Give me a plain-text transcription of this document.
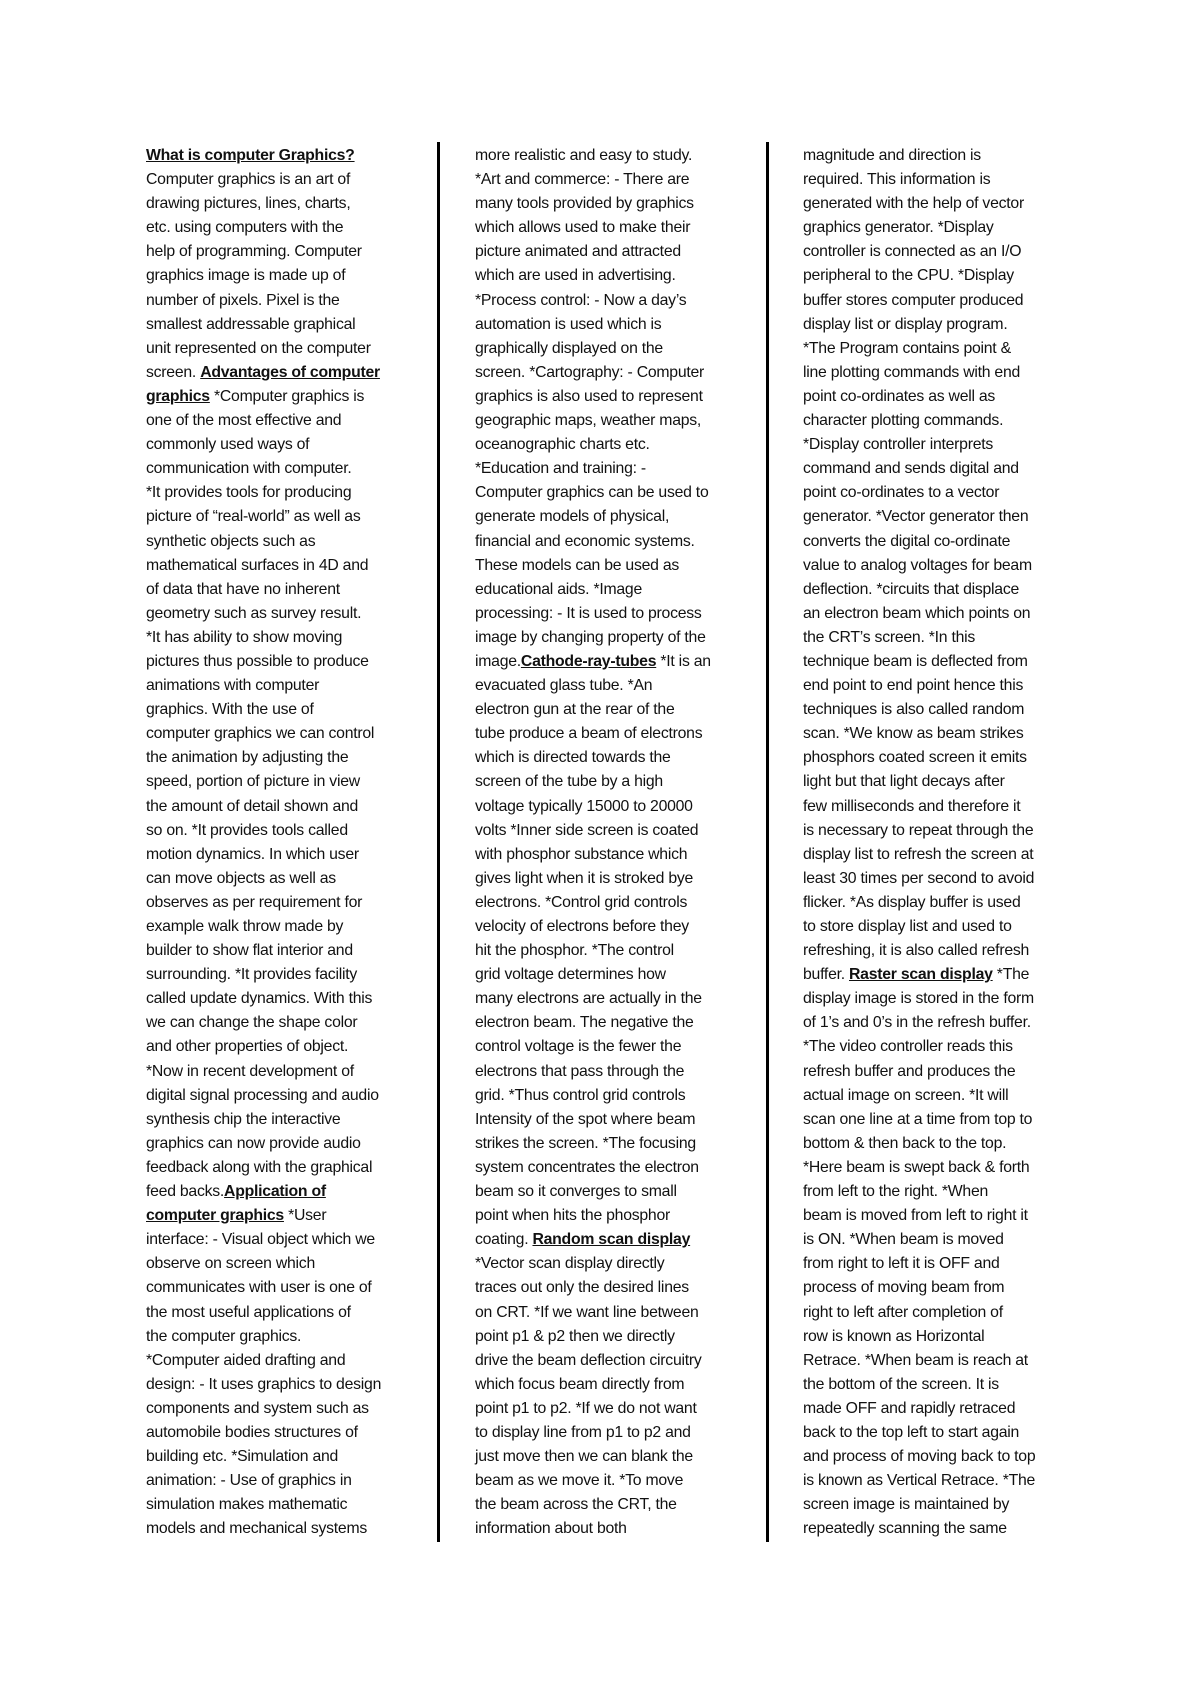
What is computer Graphics?
Computer graphics is an art of
drawing pictures, lines, charts,
etc. using computers with the
help of programming. Computer
graphics image is made up of
number of pixels. Pixel is the
smallest addressable graphical
unit represented on the computer
screen. Advantages of computer
graphics *Computer graphics is
one of the most effective and
commonly used ways of
communication with computer.
*It provides tools for producing
picture of “real-world” as well as
synthetic objects such as
mathematical surfaces in 4D and
of data that have no inherent
geometry such as survey result.
*It has ability to show moving
pictures thus possible to produce
animations with computer
graphics. With the use of
computer graphics we can control
the animation by adjusting the
speed, portion of picture in view
the amount of detail shown and
so on. *It provides tools called
motion dynamics. In which user
can move objects as well as
observes as per requirement for
example walk throw made by
builder to show flat interior and
surrounding. *It provides facility
called update dynamics. With this
we can change the shape color
and other properties of object.
*Now in recent development of
digital signal processing and audio
synthesis chip the interactive
graphics can now provide audio
feedback along with the graphical
feed backs.Application of
computer graphics *User
interface: - Visual object which we
observe on screen which
communicates with user is one of
the most useful applications of
the computer graphics.
*Computer aided drafting and
design: - It uses graphics to design
components and system such as
automobile bodies structures of
building etc. *Simulation and
animation: - Use of graphics in
simulation makes mathematic
models and mechanical systems
more realistic and easy to study.
*Art and commerce: - There are
many tools provided by graphics
which allows used to make their
picture animated and attracted
which are used in advertising.
*Process control: - Now a day’s
automation is used which is
graphically displayed on the
screen. *Cartography: - Computer
graphics is also used to represent
geographic maps, weather maps,
oceanographic charts etc.
*Education and training: -
Computer graphics can be used to
generate models of physical,
financial and economic systems.
These models can be used as
educational aids. *Image
processing: - It is used to process
image by changing property of the
image.Cathode-ray-tubes *It is an
evacuated glass tube. *An
electron gun at the rear of the
tube produce a beam of electrons
which is directed towards the
screen of the tube by a high
voltage typically 15000 to 20000
volts *Inner side screen is coated
with phosphor substance which
gives light when it is stroked bye
electrons. *Control grid controls
velocity of electrons before they
hit the phosphor. *The control
grid voltage determines how
many electrons are actually in the
electron beam. The negative the
control voltage is the fewer the
electrons that pass through the
grid. *Thus control grid controls
Intensity of the spot where beam
strikes the screen. *The focusing
system concentrates the electron
beam so it converges to small
point when hits the phosphor
coating. Random scan display
*Vector scan display directly
traces out only the desired lines
on CRT. *If we want line between
point p1 & p2 then we directly
drive the beam deflection circuitry
which focus beam directly from
point p1 to p2. *If we do not want
to display line from p1 to p2 and
just move then we can blank the
beam as we move it. *To move
the beam across the CRT, the
information about both
magnitude and direction is
required. This information is
generated with the help of vector
graphics generator. *Display
controller is connected as an I/O
peripheral to the CPU. *Display
buffer stores computer produced
display list or display program.
*The Program contains point &
line plotting commands with end
point co-ordinates as well as
character plotting commands.
*Display controller interprets
command and sends digital and
point co-ordinates to a vector
generator. *Vector generator then
converts the digital co-ordinate
value to analog voltages for beam
deflection. *circuits that displace
an electron beam which points on
the CRT’s screen. *In this
technique beam is deflected from
end point to end point hence this
techniques is also called random
scan. *We know as beam strikes
phosphors coated screen it emits
light but that light decays after
few milliseconds and therefore it
is necessary to repeat through the
display list to refresh the screen at
least 30 times per second to avoid
flicker. *As display buffer is used
to store display list and used to
refreshing, it is also called refresh
buffer. Raster scan display *The
display image is stored in the form
of 1’s and 0’s in the refresh buffer.
*The video controller reads this
refresh buffer and produces the
actual image on screen. *It will
scan one line at a time from top to
bottom & then back to the top.
*Here beam is swept back & forth
from left to the right. *When
beam is moved from left to right it
is ON. *When beam is moved
from right to left it is OFF and
process of moving beam from
right to left after completion of
row is known as Horizontal
Retrace. *When beam is reach at
the bottom of the screen. It is
made OFF and rapidly retraced
back to the top left to start again
and process of moving back to top
is known as Vertical Retrace. *The
screen image is maintained by
repeatedly scanning the same
